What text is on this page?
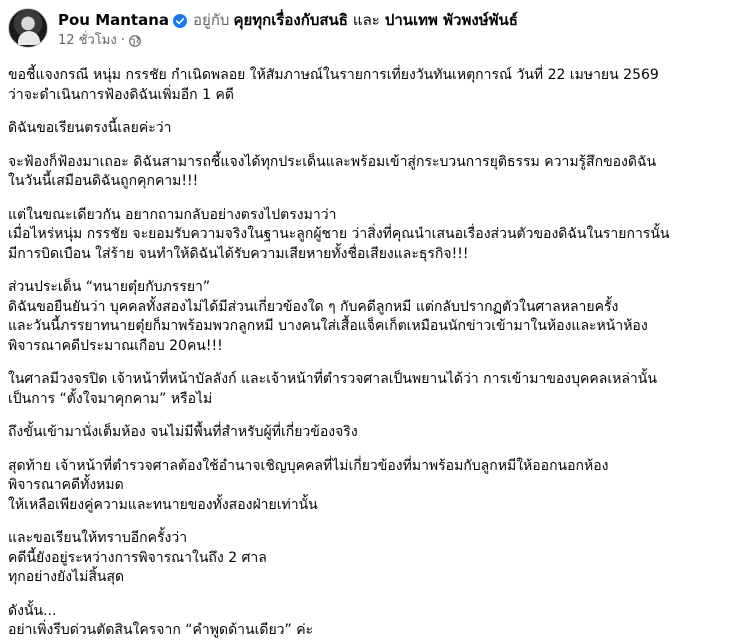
Pou Mantana อยู่กับ คุยทุกเรื่องกับสนธิ และ ปานเทพ พัวพงษ์พันธ์
12 ชั่วโมง ·

ขอชี้แจงกรณี หนุ่ม กรรชัย กำเนิดพลอย ให้สัมภาษณ์ในรายการเที่ยงวันทันเหตุการณ์ วันที่ 22 เมษายน 2569

ว่าจะดำเนินการฟ้องดิฉันเพิ่มอีก 1 คดี

ดิฉันขอเรียนตรงนี้เลยค่ะว่า

จะฟ้องก็ฟ้องมาเถอะ ดิฉันสามารถชี้แจงได้ทุกประเด็นและพร้อมเข้าสู่กระบวนการยุติธรรม ความรู้สึกของดิฉัน

ในวันนี้เสมือนดิฉันถูกคุกคาม!!!

แต่ในขณะเดียวกัน อยากถามกลับอย่างตรงไปตรงมาว่า

เมื่อไหร่หนุ่ม กรรชัย จะยอมรับความจริงในฐานะลูกผู้ชาย ว่าสิ่งที่คุณนำเสนอเรื่องส่วนตัวของดิฉันในรายการนั้น

มีการบิดเบือน ใส่ร้าย จนทำให้ดิฉันได้รับความเสียหายทั้งชื่อเสียงและธุรกิจ!!!

ส่วนประเด็น “ทนายตุ๋ยกับภรรยา”

ดิฉันขอยืนยันว่า บุคคลทั้งสองไม่ได้มีส่วนเกี่ยวข้องใด ๆ กับคดีลูกหมี แต่กลับปรากฏตัวในศาลหลายครั้ง

และวันนี้ภรรยาทนายตุ๋ยก็มาพร้อมพวกลูกหมี บางคนใส่เสื้อแจ็คเก็ตเหมือนนักข่าวเข้ามาในห้องและหน้าห้อง

พิจารณาคดีประมาณเกือบ 20คน!!!

ในศาลมีวงจรปิด เจ้าหน้าที่หน้าบัลลังก์ และเจ้าหน้าที่ตำรวจศาลเป็นพยานได้ว่า การเข้ามาของบุคคลเหล่านั้น

เป็นการ “ตั้งใจมาคุกคาม” หรือไม่

ถึงขั้นเข้ามานั่งเต็มห้อง จนไม่มีพื้นที่สำหรับผู้ที่เกี่ยวข้องจริง

สุดท้าย เจ้าหน้าที่ตำรวจศาลต้องใช้อำนาจเชิญบุคคลที่ไม่เกี่ยวข้องที่มาพร้อมกับลูกหมีให้ออกนอกห้อง

พิจารณาคดีทั้งหมด

ให้เหลือเพียงคู่ความและทนายของทั้งสองฝ่ายเท่านั้น

และขอเรียนให้ทราบอีกครั้งว่า

คดีนี้ยังอยู่ระหว่างการพิจารณาในถึง 2 ศาล

ทุกอย่างยังไม่สิ้นสุด

ดังนั้น...

อย่าเพิ่งรีบด่วนตัดสินใครจาก “คำพูดด้านเดียว” ค่ะ
